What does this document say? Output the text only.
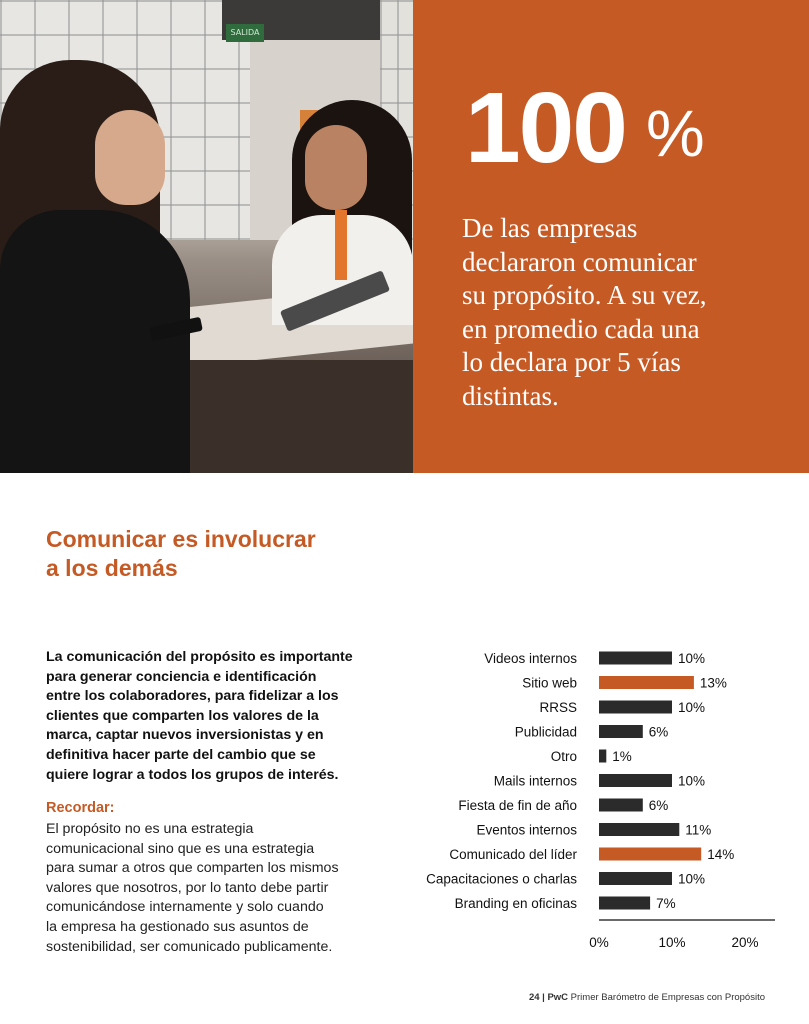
SALIDA
100 %
De las empresas
declararon comunicar
su propósito. A su vez,
en promedio cada una
lo declara por 5 vías
distintas.
Comunicar es involucrar
a los demás
La comunicación del propósito es importante
para generar conciencia e identificación
entre los colaboradores, para fidelizar a los
clientes que comparten los valores de la
marca, captar nuevos inversionistas y en
definitiva hacer parte del cambio que se
quiere lograr a todos los grupos de interés.
Recordar:
El propósito no es una estrategia
comunicacional sino que es una estrategia
para sumar a otros que comparten los mismos
valores que nosotros, por lo tanto debe partir
comunicándose internamente y solo cuando
la empresa ha gestionado sus asuntos de
sostenibilidad, ser comunicado publicamente.
Videos internos	10%
Sitio web	13%
RRSS	10%
Publicidad	6%
Otro	1%
Mails internos	10%
Fiesta de fin de año	6%
Eventos internos	11%
Comunicado del líder	14%
Capacitaciones o charlas	10%
Branding en oficinas	7%
0%	10%	20%
24 | PwC Primer Barómetro de Empresas con Propósito
